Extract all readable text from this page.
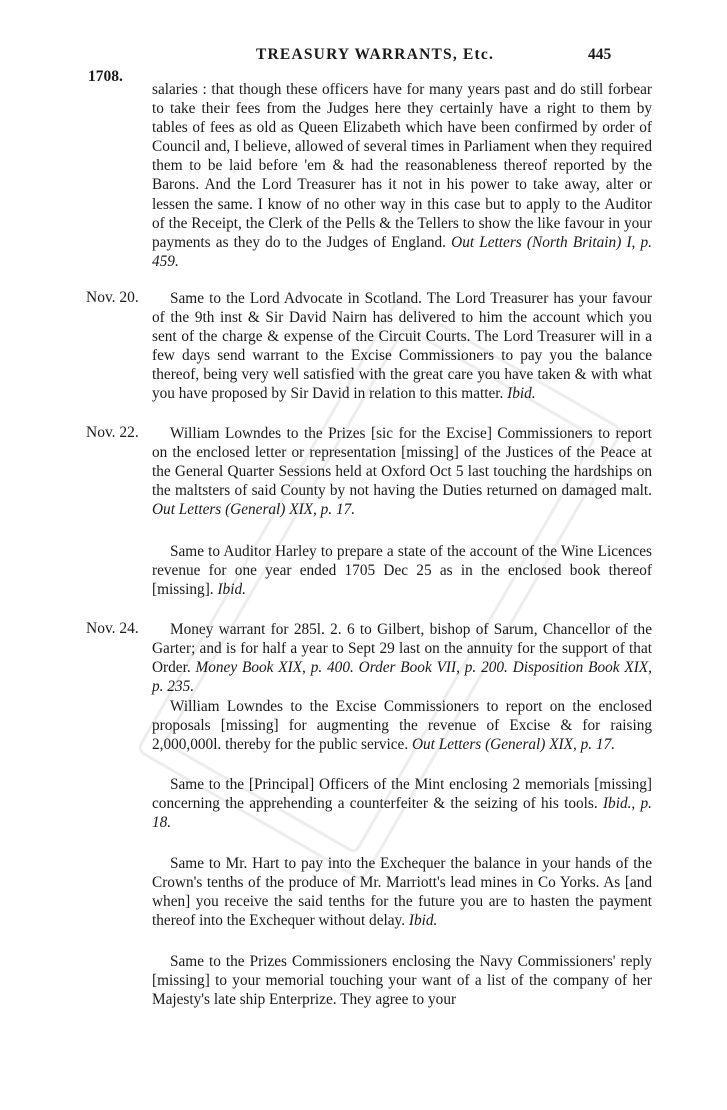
TREASURY WARRANTS, Etc.	445
1708.

salaries : that though these officers have for many years past and do still forbear to take their fees from the Judges here they certainly have a right to them by tables of fees as old as Queen Elizabeth which have been confirmed by order of Council and, I believe, allowed of several times in Parliament when they required them to be laid before 'em & had the reasonableness thereof reported by the Barons. And the Lord Treasurer has it not in his power to take away, alter or lessen the same. I know of no other way in this case but to apply to the Auditor of the Receipt, the Clerk of the Pells & the Tellers to show the like favour in your payments as they do to the Judges of England. Out Letters (North Britain) I, p. 459.

Nov. 20.	Same to the Lord Advocate in Scotland. The Lord Treasurer has your favour of the 9th inst & Sir David Nairn has delivered to him the account which you sent of the charge & expense of the Circuit Courts. The Lord Treasurer will in a few days send warrant to the Excise Commissioners to pay you the balance thereof, being very well satisfied with the great care you have taken & with what you have proposed by Sir David in relation to this matter. Ibid.

Nov. 22.	William Lowndes to the Prizes [sic for the Excise] Commissioners to report on the enclosed letter or representation [missing] of the Justices of the Peace at the General Quarter Sessions held at Oxford Oct 5 last touching the hardships on the maltsters of said County by not having the Duties returned on damaged malt. Out Letters (General) XIX, p. 17.

Same to Auditor Harley to prepare a state of the account of the Wine Licences revenue for one year ended 1705 Dec 25 as in the enclosed book thereof [missing]. Ibid.

Nov. 24.	Money warrant for 285l. 2. 6 to Gilbert, bishop of Sarum, Chancellor of the Garter; and is for half a year to Sept 29 last on the annuity for the support of that Order. Money Book XIX, p. 400. Order Book VII, p. 200. Disposition Book XIX, p. 235.

William Lowndes to the Excise Commissioners to report on the enclosed proposals [missing] for augmenting the revenue of Excise & for raising 2,000,000l. thereby for the public service. Out Letters (General) XIX, p. 17.

Same to the [Principal] Officers of the Mint enclosing 2 memorials [missing] concerning the apprehending a counterfeiter & the seizing of his tools. Ibid., p. 18.

Same to Mr. Hart to pay into the Exchequer the balance in your hands of the Crown's tenths of the produce of Mr. Marriott's lead mines in Co Yorks. As [and when] you receive the said tenths for the future you are to hasten the payment thereof into the Exchequer without delay. Ibid.

Same to the Prizes Commissioners enclosing the Navy Commissioners' reply [missing] to your memorial touching your want of a list of the company of her Majesty's late ship Enterprize. They agree to your
